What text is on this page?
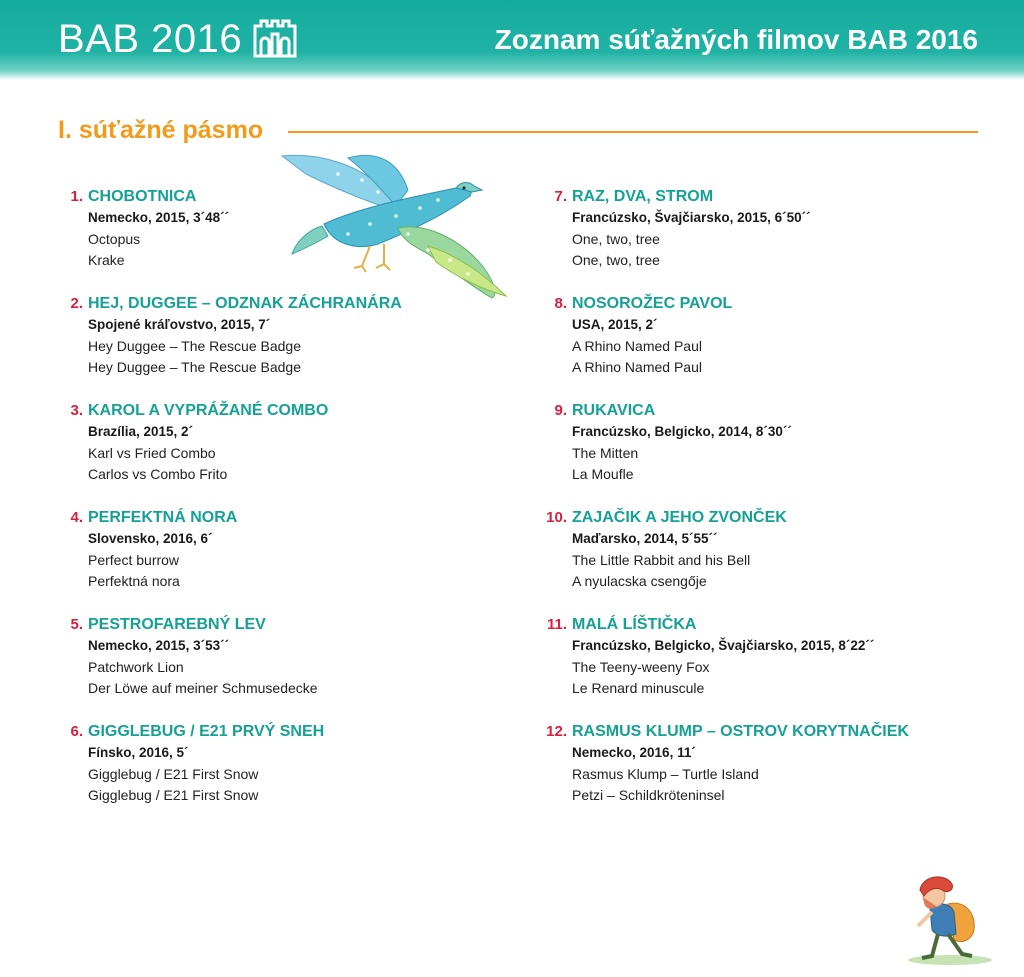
BAB 2016	Zoznam súťažných filmov BAB 2016
I. súťažné pásmo
1. CHOBOTNICA
Nemecko, 2015, 3´48´´
Octopus
Krake
2. HEJ, DUGGEE – ODZNAK ZÁCHRANÁRA
Spojené kráľovstvo, 2015, 7´
Hey Duggee – The Rescue Badge
Hey Duggee – The Rescue Badge
3. KAROL A VYPRÁŽANÉ COMBO
Brazília, 2015, 2´
Karl vs Fried Combo
Carlos vs Combo Frito
4. PERFEKTNÁ NORA
Slovensko, 2016, 6´
Perfect burrow
Perfektná nora
5. PESTROFAREBNÝ LEV
Nemecko, 2015, 3´53´´
Patchwork Lion
Der Löwe auf meiner Schmusedecke
6. GIGGLEBUG / E21 PRVÝ SNEH
Fínsko, 2016, 5´
Gigglebug / E21 First Snow
Gigglebug / E21 First Snow
7. RAZ, DVA, STROM
Francúzsko, Švajčiarsko, 2015, 6´50´´
One, two, tree
One, two, tree
8. NOSOROŽEC PAVOL
USA, 2015, 2´
A Rhino Named Paul
A Rhino Named Paul
9. RUKAVICA
Francúzsko, Belgicko, 2014, 8´30´´
The Mitten
La Moufle
10. ZAJAČIK A JEHO ZVONČEK
Maďarsko, 2014, 5´55´´
The Little Rabbit and his Bell
A nyulacska csengője
11. MALÁ LÍŠTIČKA
Francúzsko, Belgicko, Švajčiarsko, 2015, 8´22´´
The Teeny-weeny Fox
Le Renard minuscule
12. RASMUS KLUMP – OSTROV KORYTNAČIEK
Nemecko, 2016, 11´
Rasmus Klump – Turtle Island
Petzi – Schildkröteninsel
